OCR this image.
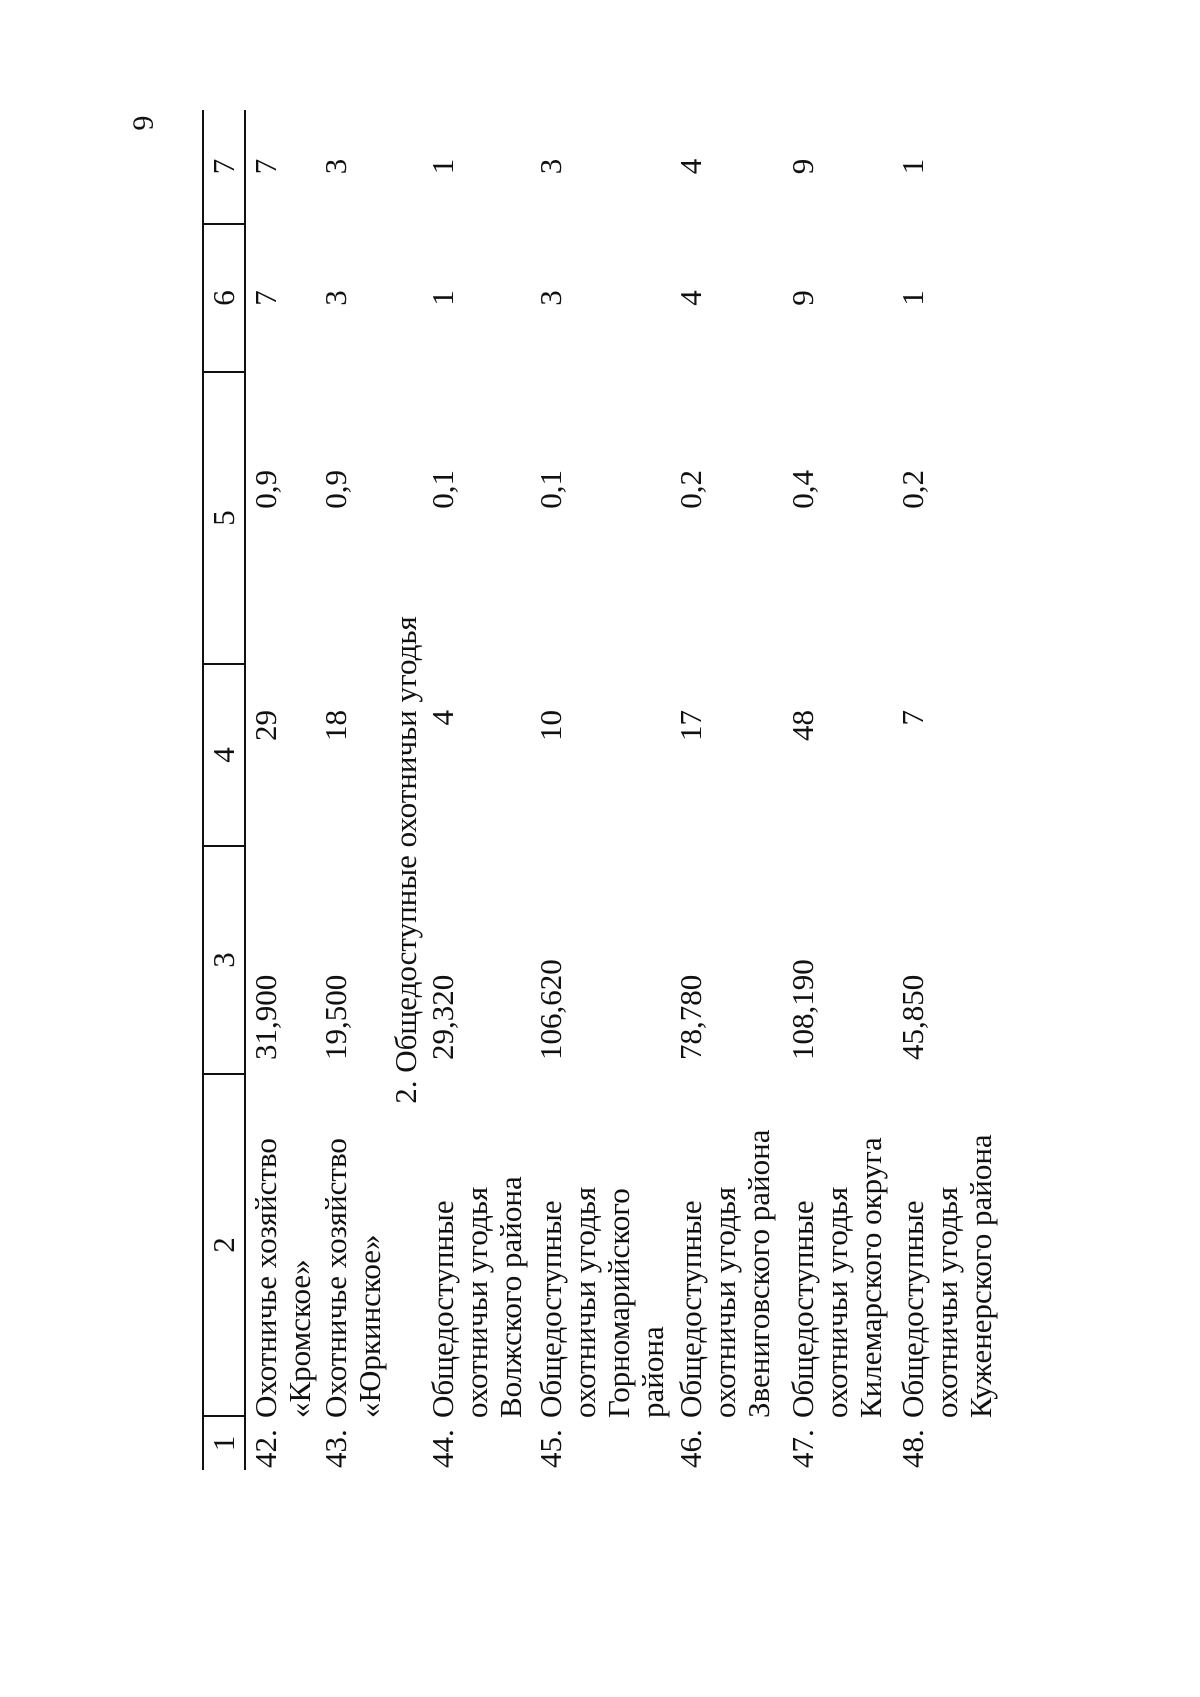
6
1
2
3
4
5
6
7
42.
Охотничье хозяйство «Кромское»
31,900
29
0,9
7
7
43.
Охотничье хозяйство «Юркинское»
19,500
18
0,9
3
3
2. Общедоступные охотничьи угодья
44.
Общедоступные охотничьи угодья Волжского района
29,320
4
0,1
1
1
45.
Общедоступные охотничьи угодья Горномарийского района
106,620
10
0,1
3
3
46.
Общедоступные охотничьи угодья Звениговского района
78,780
17
0,2
4
4
47.
Общедоступные охотничьи угодья Килемарского округа
108,190
48
0,4
9
9
48.
Общедоступные охотничьи угодья Куженерского района
45,850
7
0,2
1
1
